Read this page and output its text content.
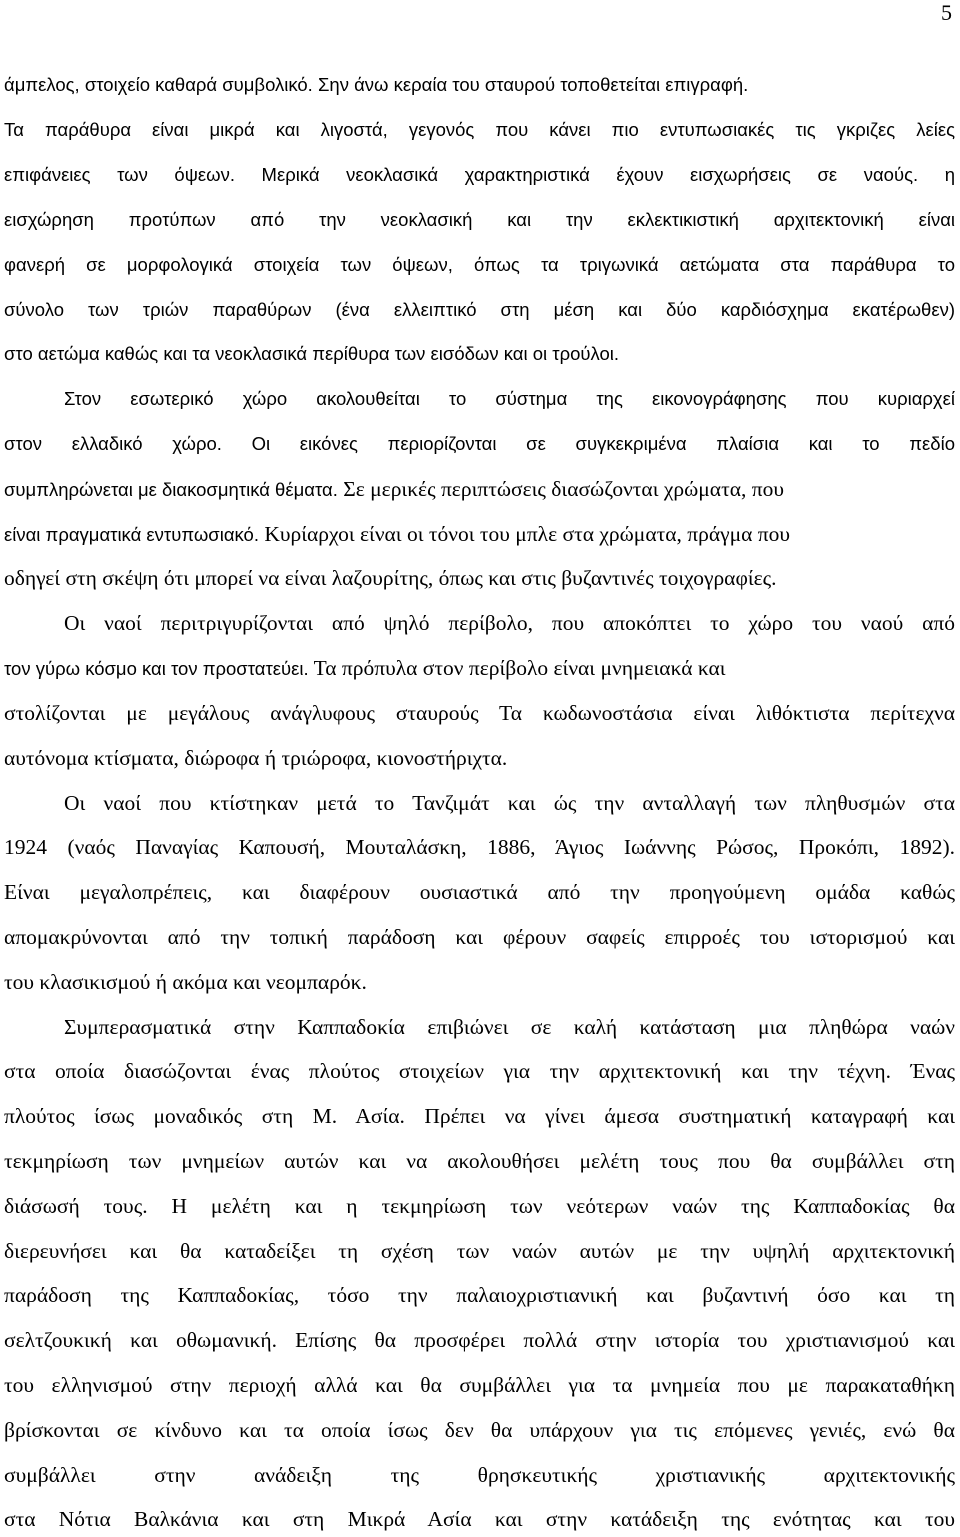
5
άμπελος, στοιχείο καθαρά συμβολικό. Σην άνω κεραία του σταυρού τοποθετείται επιγραφή.
Τα παράθυρα είναι μικρά και λιγοστά, γεγονός που κάνει πιο εντυπωσιακές τις γκριζες λείες
επιφάνειες των όψεων. Μερικά νεοκλασικά χαρακτηριστικά έχουν εισχωρήσεις σε ναούς. η
εισχώρηση προτύπων από την νεοκλασική και την εκλεκτικιστική αρχιτεκτονική είναι
φανερή σε μορφολογικά στοιχεία των όψεων, όπως τα τριγωνικά αετώματα στα παράθυρα το
σύνολο των τριών παραθύρων (ένα ελλειπτικό στη μέση και δύο καρδιόσχημα εκατέρωθεν)
στο αετώμα καθώς και τα νεοκλασικά περίθυρα των εισόδων και οι τρούλοι.
Στον εσωτερικό χώρο ακολουθείται το σύστημα της εικονογράφησης που κυριαρχεί
στον ελλαδικό χώρο. Οι εικόνες περιορίζονται σε συγκεκριμένα πλαίσια και το πεδίο
συμπληρώνεται με διακοσμητικά θέματα. Σε μερικές περιπτώσεις διασώζονται χρώματα, που
είναι πραγματικά εντυπωσιακό. Κυρίαρχοι είναι οι τόνοι του μπλε στα χρώματα, πράγμα που
οδηγεί στη σκέψη ότι μπορεί να είναι λαζουρίτης, όπως και στις βυζαντινές τοιχογραφίες.
Οι ναοί περιτριγυρίζονται από ψηλό περίβολο, που αποκόπτει το χώρο του ναού από
τον γύρω κόσμο και τον προστατεύει. Τα πρόπυλα στον περίβολο είναι μνημειακά και
στολίζονται με μεγάλους ανάγλυφους σταυρούς Τα κωδωνοστάσια είναι λιθόκτιστα περίτεχνα
αυτόνομα κτίσματα, διώροφα ή τριώροφα, κιονοστήριχτα.
Οι ναοί που κτίστηκαν μετά το Τανζιμάτ και ώς την ανταλλαγή των πληθυσμών στα
1924 (ναός Παναγίας Καπουσή, Μουταλάσκη, 1886, Άγιος Ιωάννης Ρώσος, Προκόπι, 1892).
Είναι μεγαλοπρέπεις, και διαφέρουν ουσιαστικά από την προηγούμενη ομάδα καθώς
απομακρύνονται από την τοπική παράδοση και φέρουν σαφείς επιρροές του ιστορισμού και
του κλασικισμού ή ακόμα και νεομπαρόκ.
Συμπερασματικά στην Καππαδοκία επιβιώνει σε καλή κατάσταση μια πληθώρα ναών
στα οποία διασώζονται ένας πλούτος στοιχείων για την αρχιτεκτονική και την τέχνη. Ένας
πλούτος ίσως μοναδικός στη Μ. Ασία. Πρέπει να γίνει άμεσα συστηματική καταγραφή και
τεκμηρίωση των μνημείων αυτών και να ακολουθήσει μελέτη τους που θα συμβάλλει στη
διάσωσή τους. Η μελέτη και η τεκμηρίωση των νεότερων ναών της Καππαδοκίας θα
διερευνήσει και θα καταδείξει τη σχέση των ναών αυτών με την υψηλή αρχιτεκτονική
παράδοση της Καππαδοκίας, τόσο την παλαιοχριστιανική και βυζαντινή όσο και τη
σελτζουκική και οθωμανική. Επίσης θα προσφέρει πολλά στην ιστορία του χριστιανισμού και
του ελληνισμού στην περιοχή αλλά και θα συμβάλλει για τα μνημεία που με παρακαταθήκη
βρίσκονται σε κίνδυνο και τα οποία ίσως δεν θα υπάρχουν για τις επόμενες γενιές, ενώ θα
συμβάλλει στην ανάδειξη της θρησκευτικής χριστιανικής αρχιτεκτονικής
στα Νότια Βαλκάνια και στη Μικρά Ασία και στην κατάδειξη της ενότητας και του
